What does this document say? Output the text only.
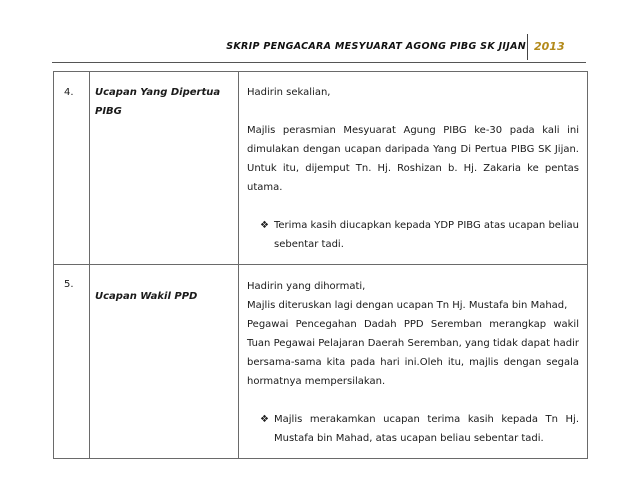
SKRIP PENGACARA MESYUARAT AGONG PIBG SK JIJAN 2013
4.	Ucapan Yang Dipertua PIBG	Hadirin sekalian,

Majlis perasmian Mesyuarat Agung PIBG ke-30 pada kali ini dimulakan dengan ucapan daripada Yang Di Pertua PIBG SK Jijan. Untuk itu, dijemput Tn. Hj. Roshizan b. Hj. Zakaria ke pentas utama.

❖ Terima kasih diucapkan kepada YDP PIBG atas ucapan beliau sebentar tadi.

5.	Ucapan Wakil PPD	Hadirin yang dihormati,

Majlis diteruskan lagi dengan ucapan Tn Hj. Mustafa bin Mahad,

Pegawai Pencegahan Dadah PPD Seremban merangkap wakil Tuan Pegawai Pelajaran Daerah Seremban, yang tidak dapat hadir bersama-sama kita pada hari ini.Oleh itu, majlis dengan segala hormatnya mempersilakan.

❖ Majlis merakamkan ucapan terima kasih kepada Tn Hj. Mustafa bin Mahad, atas ucapan beliau sebentar tadi.
